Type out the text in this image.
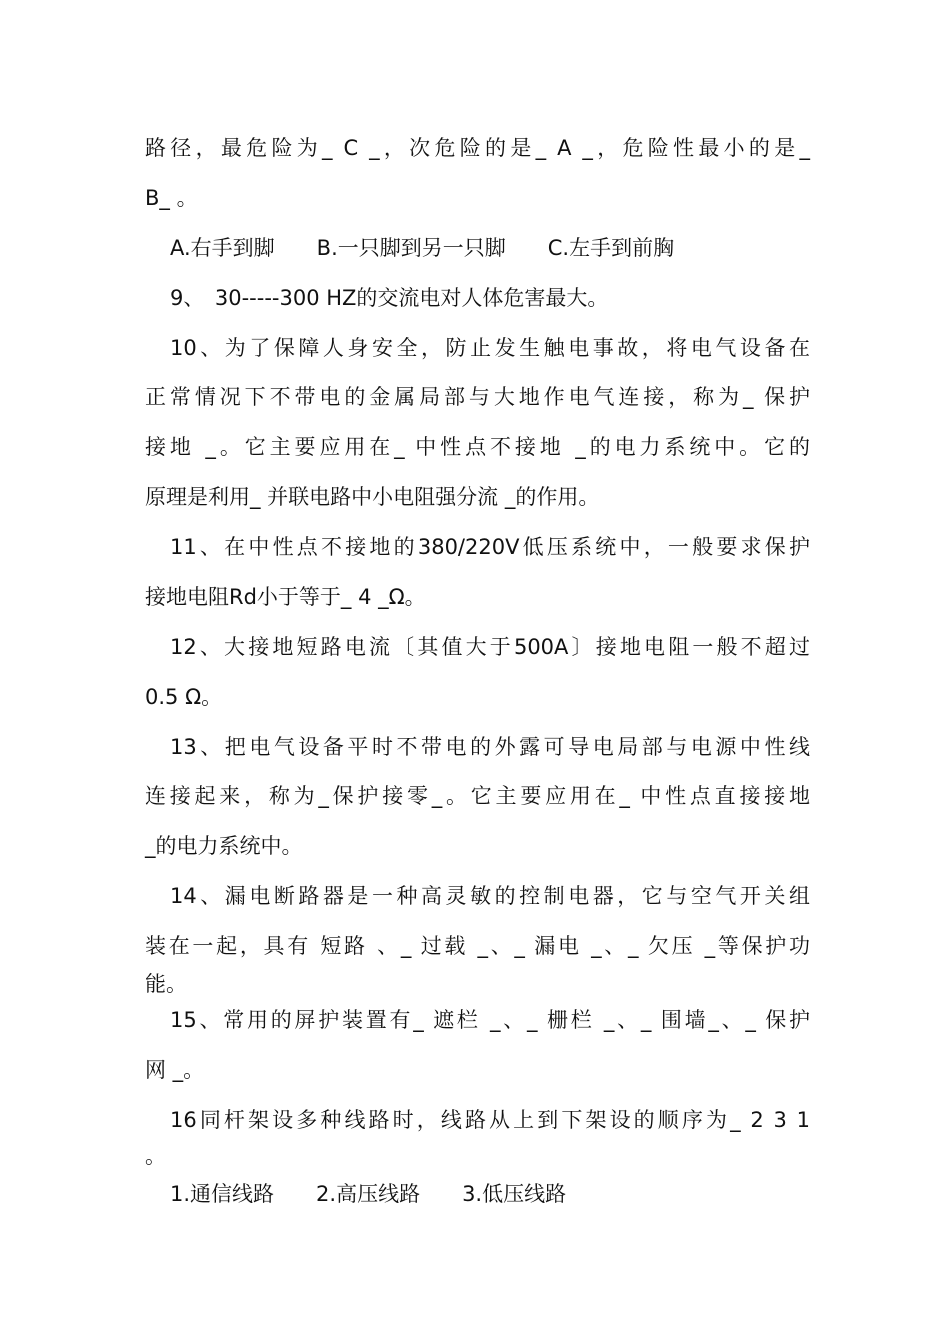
路径，最危险为_ C _，次危险的是_ A _，危险性最小的是_
B_ 。
A.右手到脚　　B.一只脚到另一只脚　　C.左手到前胸
9、　30-----300 HZ的交流电对人体危害最大。
10、为了保障人身安全，防止发生触电事故，将电气设备在
正常情况下不带电的金属局部与大地作电气连接，称为_ 保护
接地 _。它主要应用在_ 中性点不接地 _的电力系统中。它的
原理是利用_ 并联电路中小电阻强分流 _的作用。
11、在中性点不接地的380/220V低压系统中，一般要求保护
接地电阻Rd小于等于_ 4 _Ω。
12、大接地短路电流〔其值大于500A〕接地电阻一般不超过
0.5 Ω。
13、把电气设备平时不带电的外露可导电局部与电源中性线
连接起来，称为_保护接零_。它主要应用在_ 中性点直接接地
_的电力系统中。
14、漏电断路器是一种高灵敏的控制电器，它与空气开关组
装在一起，具有 短路 、_ 过载 _、_ 漏电 _、_ 欠压 _等保护功
能。
15、常用的屏护装置有_ 遮栏 _、_ 栅栏 _、_ 围墙_、_ 保护
网 _。
16同杆架设多种线路时，线路从上到下架设的顺序为_ 2 3 1
。
1.通信线路　　2.高压线路　　3.低压线路
